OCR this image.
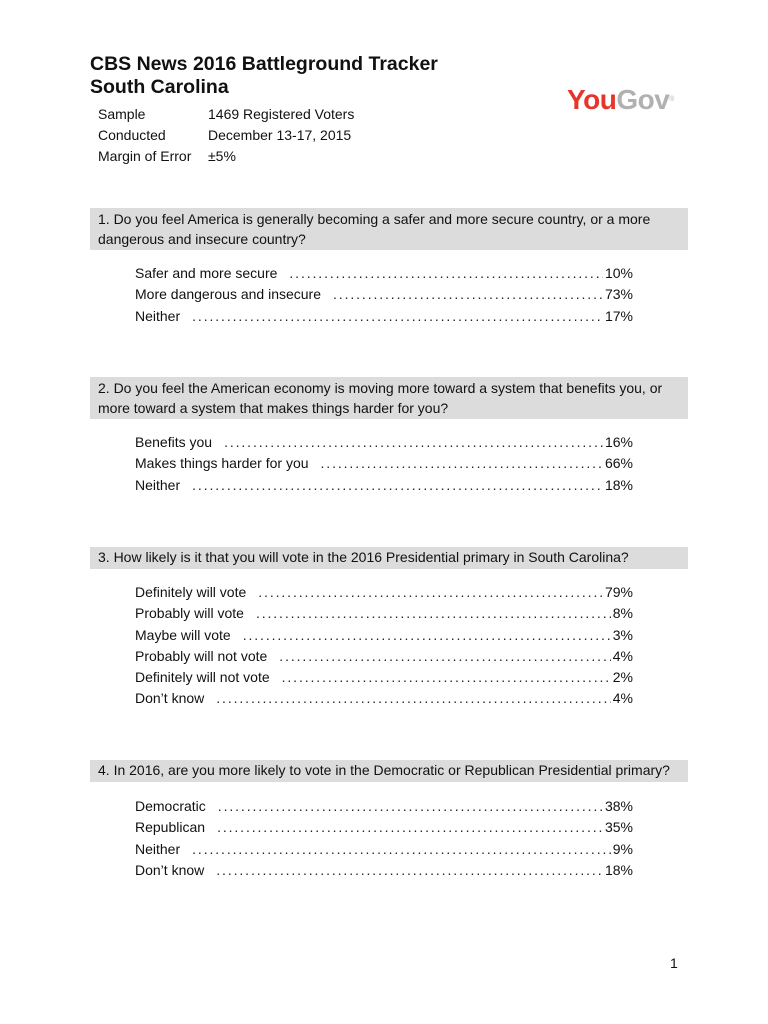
CBS News 2016 Battleground Tracker
South Carolina	YouGov®
Sample	1469 Registered Voters
Conducted	December 13-17, 2015
Margin of Error	±5%
1. Do you feel America is generally becoming a safer and more secure country, or a more dangerous and insecure country?
Safer and more secure . . .	10%
More dangerous and insecure . . .	73%
Neither . . .	17%
2. Do you feel the American economy is moving more toward a system that benefits you, or more toward a system that makes things harder for you?
Benefits you . . .	16%
Makes things harder for you . . .	66%
Neither . . .	18%
3. How likely is it that you will vote in the 2016 Presidential primary in South Carolina?
Definitely will vote . . .	79%
Probably will vote . . .	8%
Maybe will vote . . .	3%
Probably will not vote . . .	4%
Definitely will not vote . . .	2%
Don’t know . . .	4%
4. In 2016, are you more likely to vote in the Democratic or Republican Presidential primary?
Democratic . . .	38%
Republican . . .	35%
Neither . . .	9%
Don’t know . . .	18%
1
